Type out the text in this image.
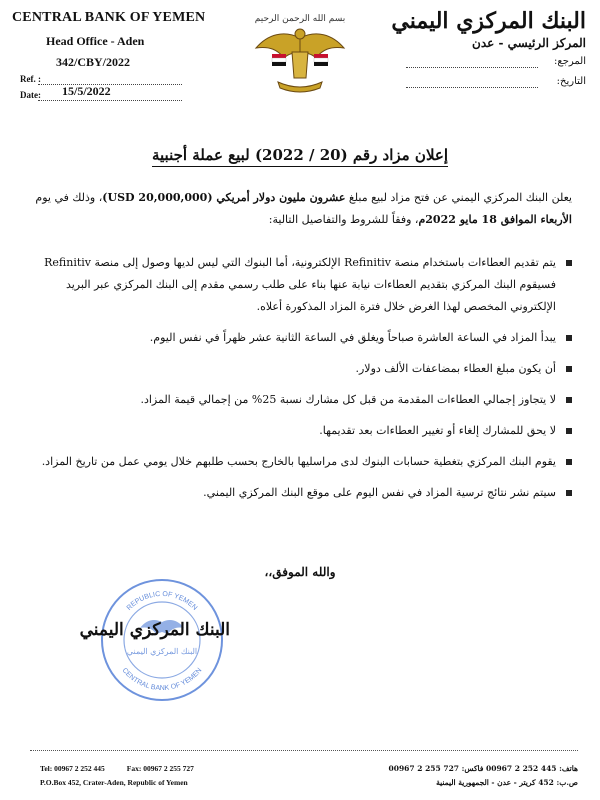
CENTRAL BANK OF YEMEN
Head Office - Aden
342/CBY/2022
Ref. :
Date: 15/5/2022
بسم الله الرحمن الرحيم البنك المركزي اليمني
المركز الرئيسي - عدن
المرجع:
التاريخ:
إعلان مزاد رقم (20 / 2022) لبيع عملة أجنبية
يعلن البنك المركزي اليمني عن فتح مزاد لبيع مبلغ عشرون مليون دولار أمريكي (20,000,000 USD)، وذلك في يوم الأربعاء الموافق 18 مايو 2022م، وفقاً للشروط والتفاصيل التالية:
يتم تقديم العطاءات باستخدام منصة Refinitiv الإلكترونية، أما البنوك التي ليس لديها وصول إلى منصة Refinitiv فسيقوم البنك المركزي بتقديم العطاءات نيابة عنها بناء على طلب رسمي مقدم إلى البنك المركزي عبر البريد الإلكتروني المخصص لهذا الغرض خلال فترة المزاد المذكورة أعلاه.
يبدأ المزاد في الساعة العاشرة صباحاً ويغلق في الساعة الثانية عشر ظهراً في نفس اليوم.
أن يكون مبلغ العطاء بمضاعفات الألف دولار.
لا يتجاوز إجمالي العطاءات المقدمة من قبل كل مشارك نسبة 25% من إجمالي قيمة المزاد.
لا يحق للمشارك إلغاء أو تغيير العطاءات بعد تقديمها.
يقوم البنك المركزي بتغطية حسابات البنوك لدى مراسليها بالخارج بحسب طلبهم خلال يومي عمل من تاريخ المزاد.
سيتم نشر نتائج ترسية المزاد في نفس اليوم على موقع البنك المركزي اليمني.
والله الموفق،،
REPUBLIC OF YEMEN
CENTRAL BANK OF YEMEN
البنك المركزي اليمني
البنك المركزي اليمني
Tel: 00967 2 252 445	Fax: 00967 2 255 727
P.O.Box 452, Crater-Aden, Republic of Yemen
هاتف: 445 252 2 00967 فاكس: 727 255 2 00967
ص.ب: 452 كريتر - عدن - الجمهورية اليمنية
